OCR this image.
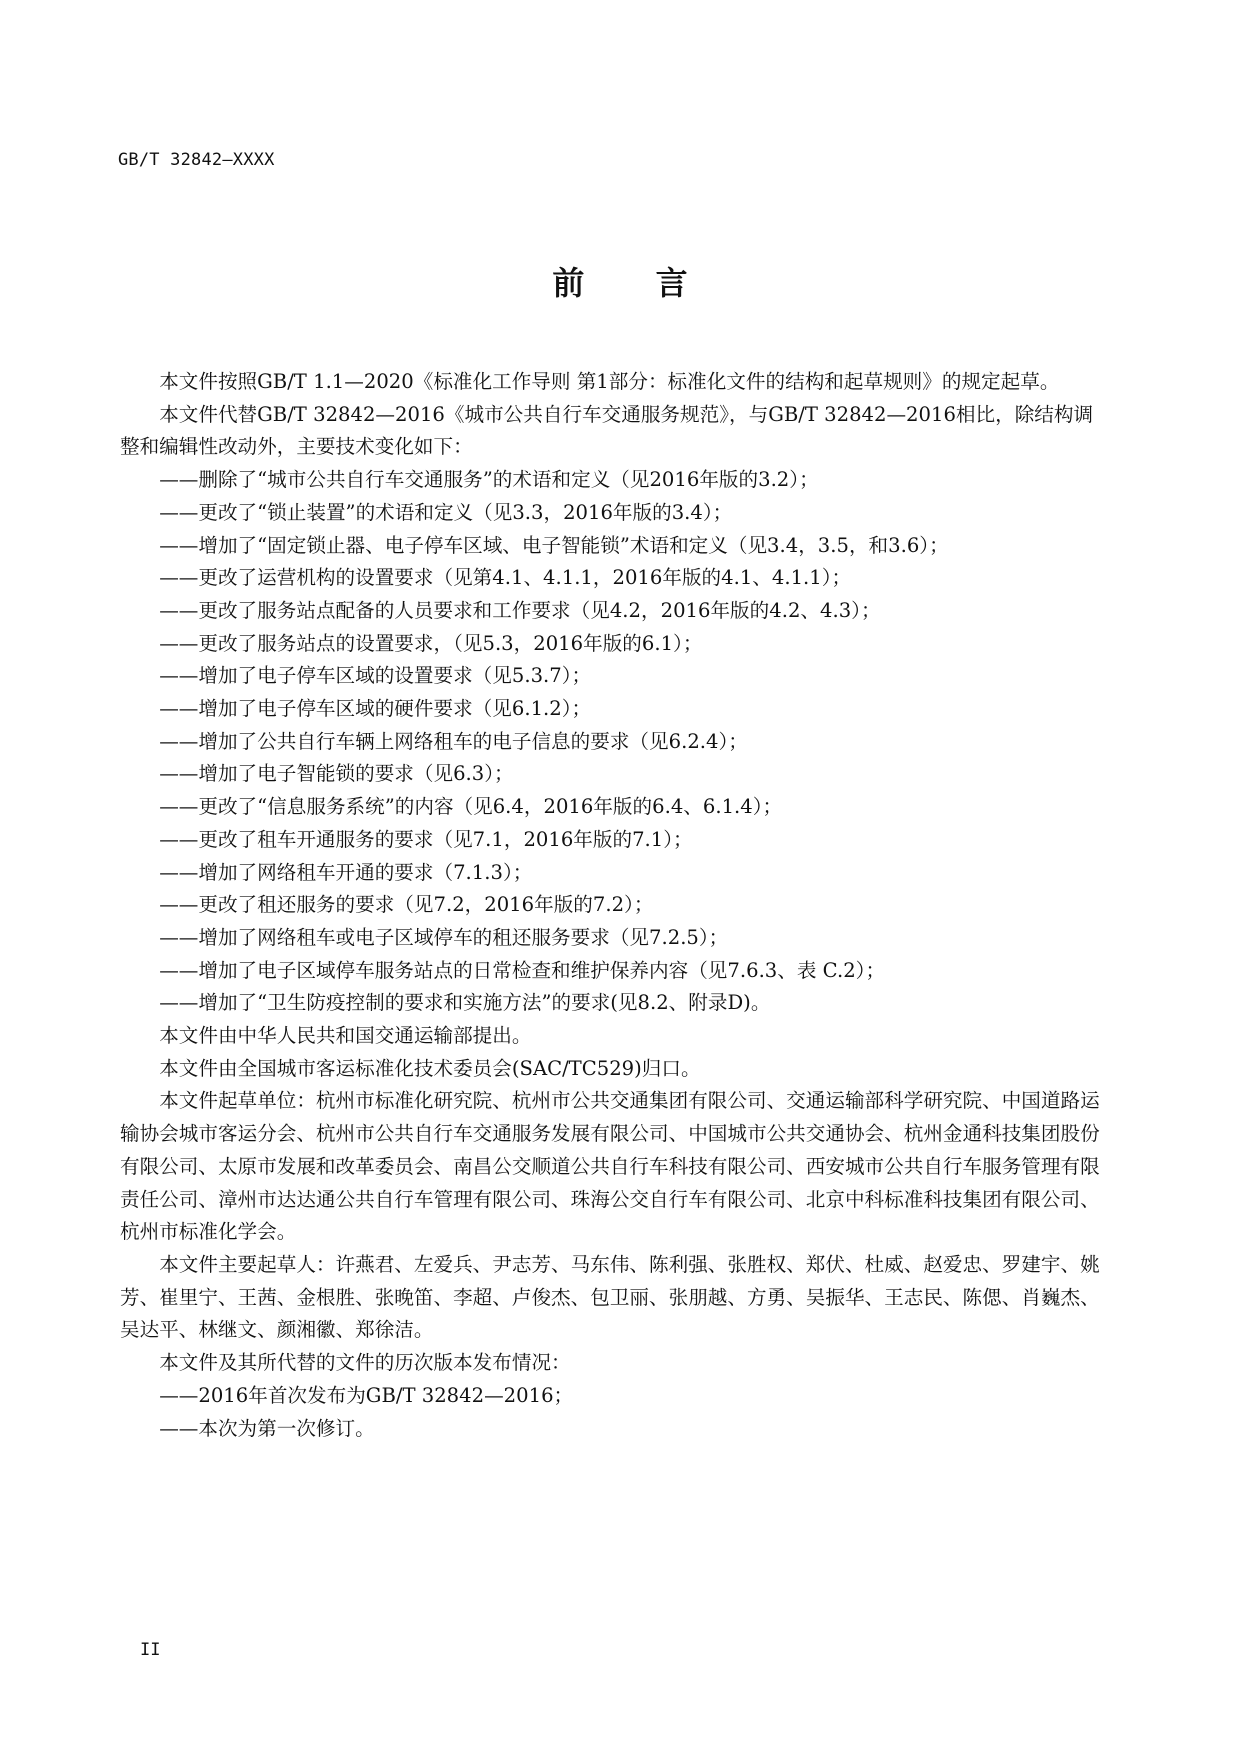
GB/T 32842—XXXX
前 言

本文件按照GB/T 1.1—2020《标准化工作导则 第1部分：标准化文件的结构和起草规则》的规定起草。

本文件代替GB/T 32842—2016《城市公共自行车交通服务规范》，与GB/T 32842—2016相比，除结构调整和编辑性改动外，主要技术变化如下：

——删除了“城市公共自行车交通服务”的术语和定义（见2016年版的3.2）；

——更改了“锁止装置”的术语和定义（见3.3，2016年版的3.4）；

——增加了“固定锁止器、电子停车区域、电子智能锁”术语和定义（见3.4，3.5，和3.6）；

——更改了运营机构的设置要求（见第4.1、4.1.1，2016年版的4.1、4.1.1）；

——更改了服务站点配备的人员要求和工作要求（见4.2，2016年版的4.2、4.3）；

——更改了服务站点的设置要求，（见5.3，2016年版的6.1）；

——增加了电子停车区域的设置要求（见5.3.7）；

——增加了电子停车区域的硬件要求（见6.1.2）；

——增加了公共自行车辆上网络租车的电子信息的要求（见6.2.4）；

——增加了电子智能锁的要求（见6.3）；

——更改了“信息服务系统”的内容（见6.4，2016年版的6.4、6.1.4）；

——更改了租车开通服务的要求（见7.1，2016年版的7.1）；

——增加了网络租车开通的要求（7.1.3）；

——更改了租还服务的要求（见7.2，2016年版的7.2）；

——增加了网络租车或电子区域停车的租还服务要求（见7.2.5）；

——增加了电子区域停车服务站点的日常检查和维护保养内容（见7.6.3、表 C.2）；

——增加了“卫生防疫控制的要求和实施方法”的要求(见8.2、附录D)。

本文件由中华人民共和国交通运输部提出。

本文件由全国城市客运标准化技术委员会(SAC/TC529)归口。

本文件起草单位：杭州市标准化研究院、杭州市公共交通集团有限公司、交通运输部科学研究院、中国道路运输协会城市客运分会、杭州市公共自行车交通服务发展有限公司、中国城市公共交通协会、杭州金通科技集团股份有限公司、太原市发展和改革委员会、南昌公交顺道公共自行车科技有限公司、西安城市公共自行车服务管理有限责任公司、漳州市达达通公共自行车管理有限公司、珠海公交自行车有限公司、北京中科标准科技集团有限公司、杭州市标准化学会。

本文件主要起草人：许燕君、左爱兵、尹志芳、马东伟、陈利强、张胜权、郑伏、杜威、赵爱忠、罗建宇、姚芳、崔里宁、王茜、金根胜、张晚笛、李超、卢俊杰、包卫丽、张朋越、方勇、吴振华、王志民、陈偲、肖巍杰、吴达平、林继文、颜湘徽、郑徐洁。

本文件及其所代替的文件的历次版本发布情况：

——2016年首次发布为GB/T 32842—2016；

——本次为第一次修订。

II
